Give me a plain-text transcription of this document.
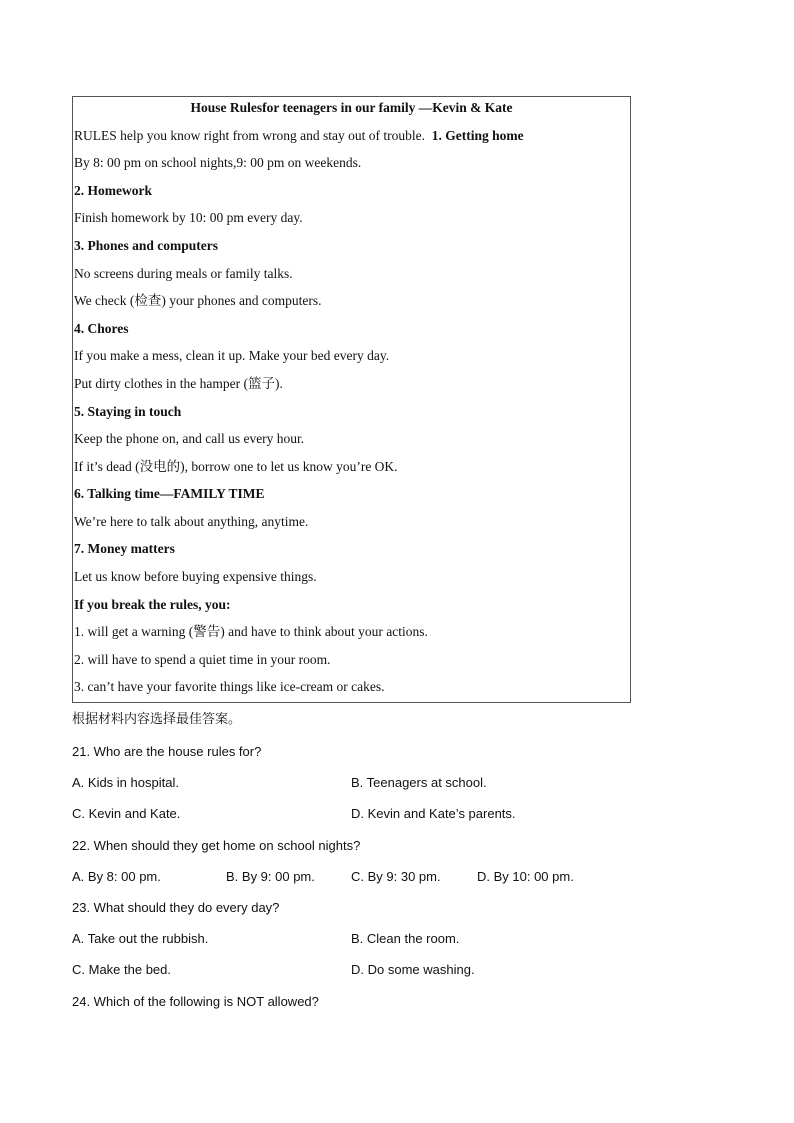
House Rulesfor teenagers in our family —Kevin & Kate
RULES help you know right from wrong and stay out of trouble. 1. Getting home
By 8: 00 pm on school nights,9: 00 pm on weekends.
2. Homework
Finish homework by 10: 00 pm every day.
3. Phones and computers
No screens during meals or family talks.
We check (检查) your phones and computers.
4. Chores
If you make a mess, clean it up. Make your bed every day.
Put dirty clothes in the hamper (篮子).
5. Staying in touch
Keep the phone on, and call us every hour.
If it’s dead (没电的), borrow one to let us know you’re OK.
6. Talking time—FAMILY TIME
We’re here to talk about anything, anytime.
7. Money matters
Let us know before buying expensive things.
If you break the rules, you:
1. will get a warning (警告) and have to think about your actions.
2. will have to spend a quiet time in your room.
3. can’t have your favorite things like ice-cream or cakes.
根据材料内容选择最佳答案。
21. Who are the house rules for?
A. Kids in hospital.	B. Teenagers at school.
C. Kevin and Kate.	D. Kevin and Kate’s parents.
22. When should they get home on school nights?
A. By 8: 00 pm.	B. By 9: 00 pm.	C. By 9: 30 pm.	D. By 10: 00 pm.
23. What should they do every day?
A. Take out the rubbish.	B. Clean the room.
C. Make the bed.	D. Do some washing.
24. Which of the following is NOT allowed?
